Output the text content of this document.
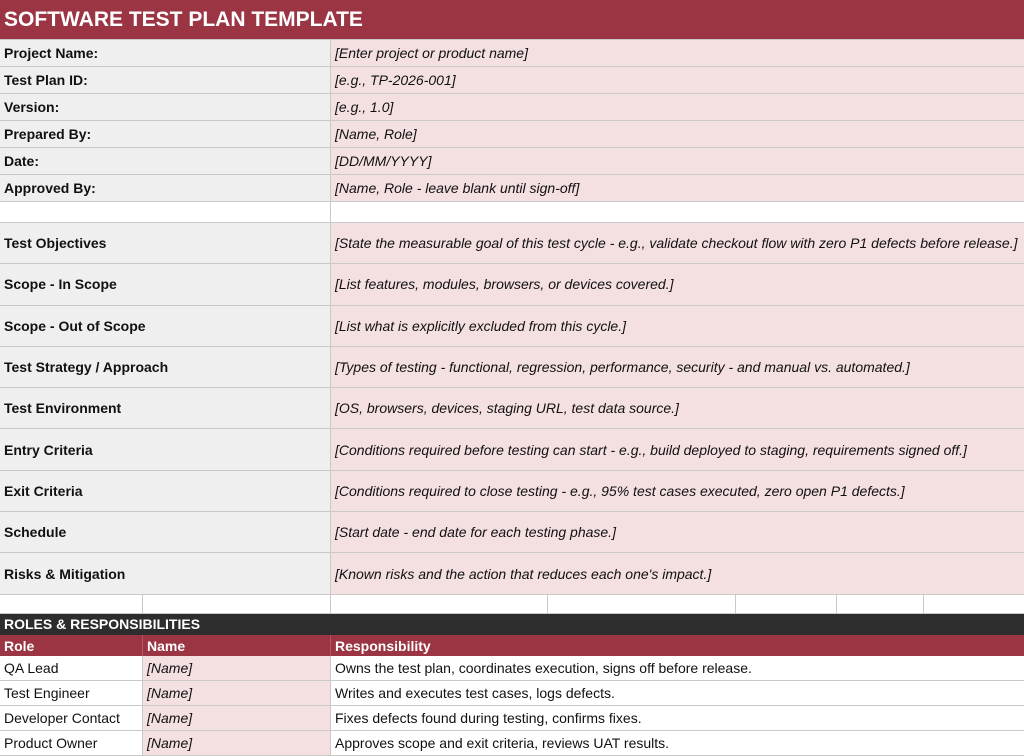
SOFTWARE TEST PLAN TEMPLATE
Project Name:	[Enter project or product name]
Test Plan ID:	[e.g., TP-2026-001]
Version:	[e.g., 1.0]
Prepared By:	[Name, Role]
Date:	[DD/MM/YYYY]
Approved By:	[Name, Role - leave blank until sign-off]
Test Objectives	[State the measurable goal of this test cycle - e.g., validate checkout flow with zero P1 defects before release.]
Scope - In Scope	[List features, modules, browsers, or devices covered.]
Scope - Out of Scope	[List what is explicitly excluded from this cycle.]
Test Strategy / Approach	[Types of testing - functional, regression, performance, security - and manual vs. automated.]
Test Environment	[OS, browsers, devices, staging URL, test data source.]
Entry Criteria	[Conditions required before testing can start - e.g., build deployed to staging, requirements signed off.]
Exit Criteria	[Conditions required to close testing - e.g., 95% test cases executed, zero open P1 defects.]
Schedule	[Start date - end date for each testing phase.]
Risks & Mitigation	[Known risks and the action that reduces each one's impact.]
ROLES & RESPONSIBILITIES
Role	Name	Responsibility
QA Lead	[Name]	Owns the test plan, coordinates execution, signs off before release.
Test Engineer	[Name]	Writes and executes test cases, logs defects.
Developer Contact	[Name]	Fixes defects found during testing, confirms fixes.
Product Owner	[Name]	Approves scope and exit criteria, reviews UAT results.
